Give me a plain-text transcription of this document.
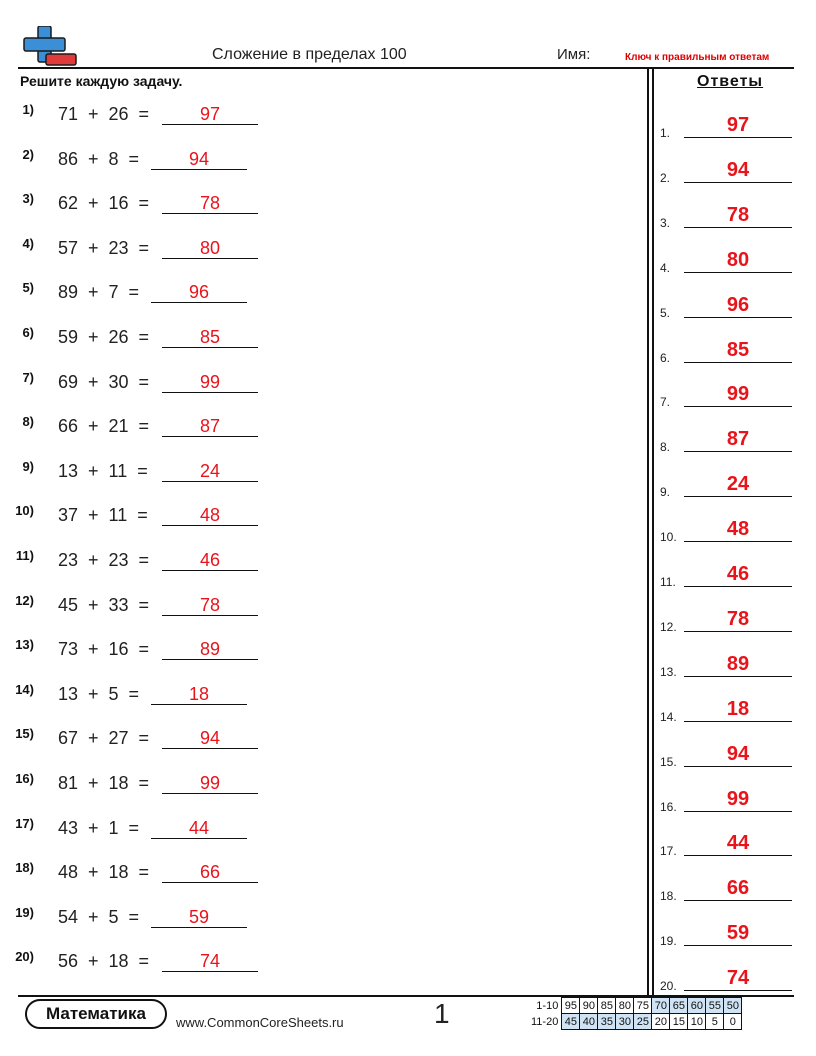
Сложение в пределах 100	Имя:	Ключ к правильным ответам
Решите каждую задачу.
1) 71  +  26  =	97
2) 86  +  8  =	94
3) 62  +  16  =	78
4) 57  +  23  =	80
5) 89  +  7  =	96
6) 59  +  26  =	85
7) 69  +  30  =	99
8) 66  +  21  =	87
9) 13  +  11  =	24
10) 37  +  11  =	48
11) 23  +  23  =	46
12) 45  +  33  =	78
13) 73  +  16  =	89
14) 13  +  5  =	18
15) 67  +  27  =	94
16) 81  +  18  =	99
17) 43  +  1  =	44
18) 48  +  18  =	66
19) 54  +  5  =	59
20) 56  +  18  =	74
Ответы
1.	97
2.	94
3.	78
4.	80
5.	96
6.	85
7.	99
8.	87
9.	24
10.	48
11.	46
12.	78
13.	89
14.	18
15.	94
16.	99
17.	44
18.	66
19.	59
20.	74
Математика	www.CommonCoreSheets.ru	1	1-10	95	90	85	80	75	70	65	60	55	50
11-20	45	40	35	30	25	20	15	10	5	0
